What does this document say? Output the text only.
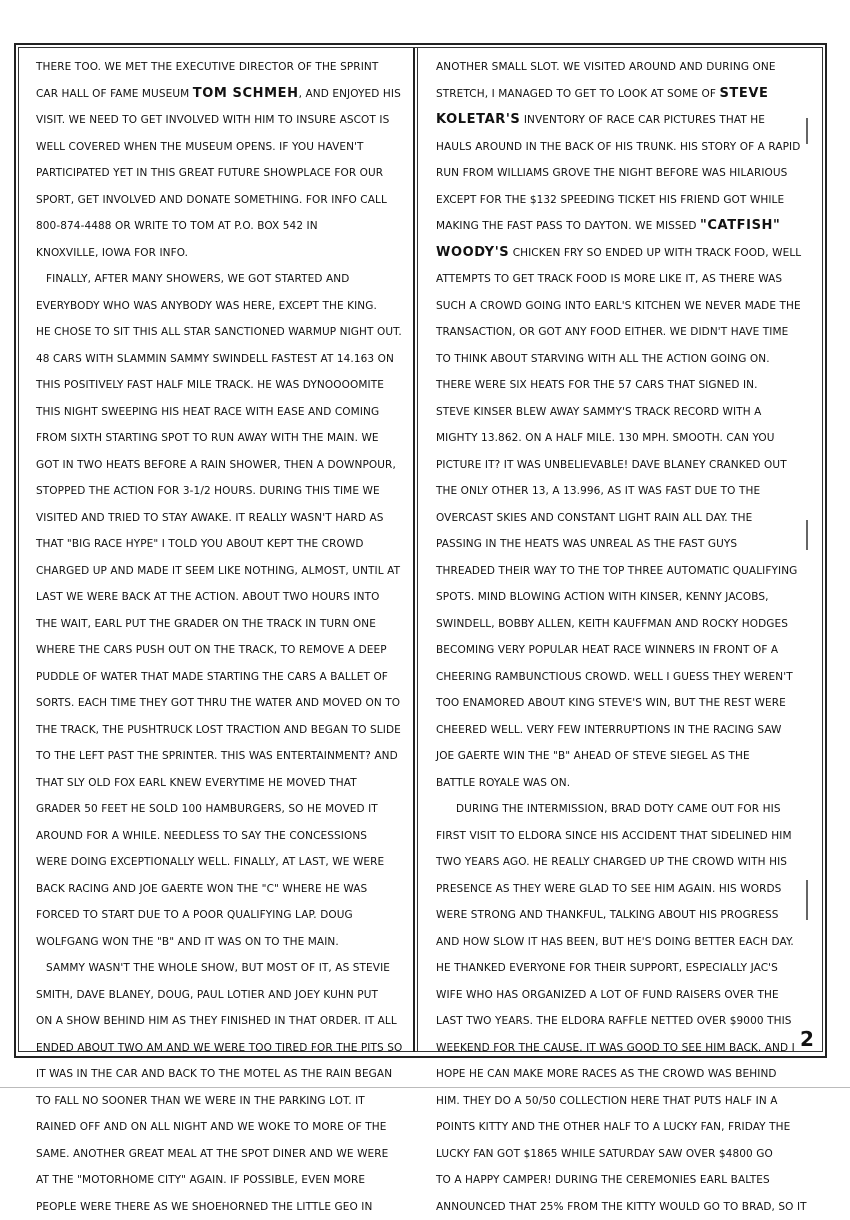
THERE TOO. WE MET THE EXECUTIVE DIRECTOR OF THE SPRINT
CAR HALL OF FAME MUSEUM TOM SCHMEH, AND ENJOYED HIS
VISIT. WE NEED TO GET INVOLVED WITH HIM TO INSURE ASCOT IS
WELL COVERED WHEN THE MUSEUM OPENS. IF YOU HAVEN'T
PARTICIPATED YET IN THIS GREAT FUTURE SHOWPLACE FOR OUR
SPORT, GET INVOLVED AND DONATE SOMETHING. FOR INFO CALL
800-874-4488 OR WRITE TO TOM AT P.O. BOX 542 IN
KNOXVILLE, IOWA FOR INFO.
FINALLY, AFTER MANY SHOWERS, WE GOT STARTED AND
EVERYBODY WHO WAS ANYBODY WAS HERE, EXCEPT THE KING.
HE CHOSE TO SIT THIS ALL STAR SANCTIONED WARMUP NIGHT OUT.
48 CARS WITH SLAMMIN SAMMY SWINDELL FASTEST AT 14.163 ON
THIS POSITIVELY FAST HALF MILE TRACK. HE WAS DYNOOOOMITE
THIS NIGHT SWEEPING HIS HEAT RACE WITH EASE AND COMING
FROM SIXTH STARTING SPOT TO RUN AWAY WITH THE MAIN. WE
GOT IN TWO HEATS BEFORE A RAIN SHOWER, THEN A DOWNPOUR,
STOPPED THE ACTION FOR 3-1/2 HOURS. DURING THIS TIME WE
VISITED AND TRIED TO STAY AWAKE. IT REALLY WASN'T HARD AS
THAT "BIG RACE HYPE" I TOLD YOU ABOUT KEPT THE CROWD
CHARGED UP AND MADE IT SEEM LIKE NOTHING, ALMOST, UNTIL AT
LAST WE WERE BACK AT THE ACTION. ABOUT TWO HOURS INTO
THE WAIT, EARL PUT THE GRADER ON THE TRACK IN TURN ONE
WHERE THE CARS PUSH OUT ON THE TRACK, TO REMOVE A DEEP
PUDDLE OF WATER THAT MADE STARTING THE CARS A BALLET OF
SORTS. EACH TIME THEY GOT THRU THE WATER AND MOVED ON TO
THE TRACK, THE PUSHTRUCK LOST TRACTION AND BEGAN TO SLIDE
TO THE LEFT PAST THE SPRINTER. THIS WAS ENTERTAINMENT? AND
THAT SLY OLD FOX EARL KNEW EVERYTIME HE MOVED THAT
GRADER 50 FEET HE SOLD 100 HAMBURGERS, SO HE MOVED IT
AROUND FOR A WHILE. NEEDLESS TO SAY THE CONCESSIONS
WERE DOING EXCEPTIONALLY WELL. FINALLY, AT LAST, WE WERE
BACK RACING AND JOE GAERTE WON THE "C" WHERE HE WAS
FORCED TO START DUE TO A POOR QUALIFYING LAP. DOUG
WOLFGANG WON THE "B" AND IT WAS ON TO THE MAIN.
SAMMY WASN'T THE WHOLE SHOW, BUT MOST OF IT, AS STEVIE
SMITH, DAVE BLANEY, DOUG, PAUL LOTIER AND JOEY KUHN PUT
ON A SHOW BEHIND HIM AS THEY FINISHED IN THAT ORDER. IT ALL
ENDED ABOUT TWO AM AND WE WERE TOO TIRED FOR THE PITS SO
IT WAS IN THE CAR AND BACK TO THE MOTEL AS THE RAIN BEGAN
TO FALL NO SOONER THAN WE WERE IN THE PARKING LOT. IT
RAINED OFF AND ON ALL NIGHT AND WE WOKE TO MORE OF THE
SAME. ANOTHER GREAT MEAL AT THE SPOT DINER AND WE WERE
AT THE "MOTORHOME CITY" AGAIN. IF POSSIBLE, EVEN MORE
PEOPLE WERE THERE AS WE SHOEHORNED THE LITTLE GEO IN
ANOTHER SMALL SLOT. WE VISITED AROUND AND DURING ONE
STRETCH, I MANAGED TO GET TO LOOK AT SOME OF STEVE
KOLETAR'S INVENTORY OF RACE CAR PICTURES THAT HE
HAULS AROUND IN THE BACK OF HIS TRUNK. HIS STORY OF A RAPID
RUN FROM WILLIAMS GROVE THE NIGHT BEFORE WAS HILARIOUS
EXCEPT FOR THE $132 SPEEDING TICKET HIS FRIEND GOT WHILE
MAKING THE FAST PASS TO DAYTON. WE MISSED "CATFISH"
WOODY'S CHICKEN FRY SO ENDED UP WITH TRACK FOOD, WELL
ATTEMPTS TO GET TRACK FOOD IS MORE LIKE IT, AS THERE WAS
SUCH A CROWD GOING INTO EARL'S KITCHEN WE NEVER MADE THE
TRANSACTION, OR GOT ANY FOOD EITHER. WE DIDN'T HAVE TIME
TO THINK ABOUT STARVING WITH ALL THE ACTION GOING ON.
THERE WERE SIX HEATS FOR THE 57 CARS THAT SIGNED IN.
STEVE KINSER BLEW AWAY SAMMY'S TRACK RECORD WITH A
MIGHTY 13.862. ON A HALF MILE. 130 MPH. SMOOTH. CAN YOU
PICTURE IT? IT WAS UNBELIEVABLE! DAVE BLANEY CRANKED OUT
THE ONLY OTHER 13, A 13.996, AS IT WAS FAST DUE TO THE
OVERCAST SKIES AND CONSTANT LIGHT RAIN ALL DAY. THE
PASSING IN THE HEATS WAS UNREAL AS THE FAST GUYS
THREADED THEIR WAY TO THE TOP THREE AUTOMATIC QUALIFYING
SPOTS. MIND BLOWING ACTION WITH KINSER, KENNY JACOBS,
SWINDELL, BOBBY ALLEN, KEITH KAUFFMAN AND ROCKY HODGES
BECOMING VERY POPULAR HEAT RACE WINNERS IN FRONT OF A
CHEERING RAMBUNCTIOUS CROWD. WELL I GUESS THEY WEREN'T
TOO ENAMORED ABOUT KING STEVE'S WIN, BUT THE REST WERE
CHEERED WELL. VERY FEW INTERRUPTIONS IN THE RACING SAW
JOE GAERTE WIN THE "B" AHEAD OF STEVE SIEGEL AS THE
BATTLE ROYALE WAS ON.
DURING THE INTERMISSION, BRAD DOTY CAME OUT FOR HIS
FIRST VISIT TO ELDORA SINCE HIS ACCIDENT THAT SIDELINED HIM
TWO YEARS AGO. HE REALLY CHARGED UP THE CROWD WITH HIS
PRESENCE AS THEY WERE GLAD TO SEE HIM AGAIN. HIS WORDS
WERE STRONG AND THANKFUL, TALKING ABOUT HIS PROGRESS
AND HOW SLOW IT HAS BEEN, BUT HE'S DOING BETTER EACH DAY.
HE THANKED EVERYONE FOR THEIR SUPPORT, ESPECIALLY JAC'S
WIFE WHO HAS ORGANIZED A LOT OF FUND RAISERS OVER THE
LAST TWO YEARS. THE ELDORA RAFFLE NETTED OVER $9000 THIS
WEEKEND FOR THE CAUSE. IT WAS GOOD TO SEE HIM BACK. AND I
HOPE HE CAN MAKE MORE RACES AS THE CROWD WAS BEHIND
HIM. THEY DO A 50/50 COLLECTION HERE THAT PUTS HALF IN A
POINTS KITTY AND THE OTHER HALF TO A LUCKY FAN, FRIDAY THE
LUCKY FAN GOT $1865 WHILE SATURDAY SAW OVER $4800 GO
TO A HAPPY CAMPER! DURING THE CEREMONIES EARL BALTES
ANNOUNCED THAT 25% FROM THE KITTY WOULD GO TO BRAD, SO IT
2
